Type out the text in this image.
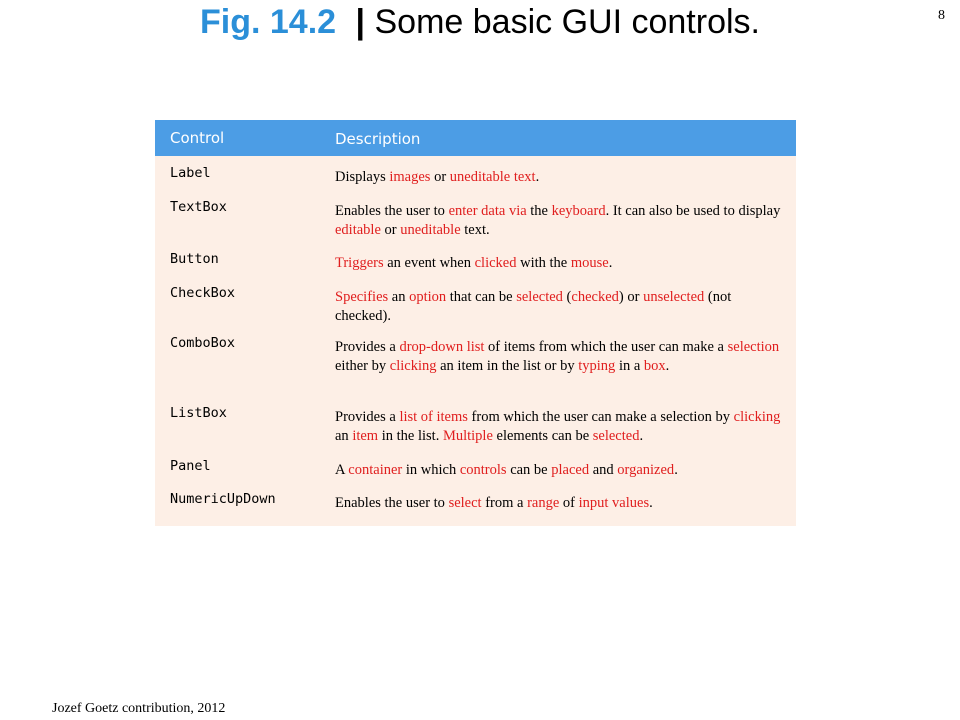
Fig. 14.2 | Some basic GUI controls.	8
Control	Description
Label	Displays images or uneditable text.

TextBox	Enables the user to enter data via the keyboard. It can also be used to display editable or uneditable text.

Button	Triggers an event when clicked with the mouse.

CheckBox	Specifies an option that can be selected (checked) or unselected (not checked).

ComboBox	Provides a drop-down list of items from which the user can make a selection either by clicking an item in the list or by typing in a box.

ListBox	Provides a list of items from which the user can make a selection by clicking an item in the list. Multiple elements can be selected.

Panel	A container in which controls can be placed and organized.

NumericUpDown	Enables the user to select from a range of input values.

Jozef Goetz contribution, 2012
